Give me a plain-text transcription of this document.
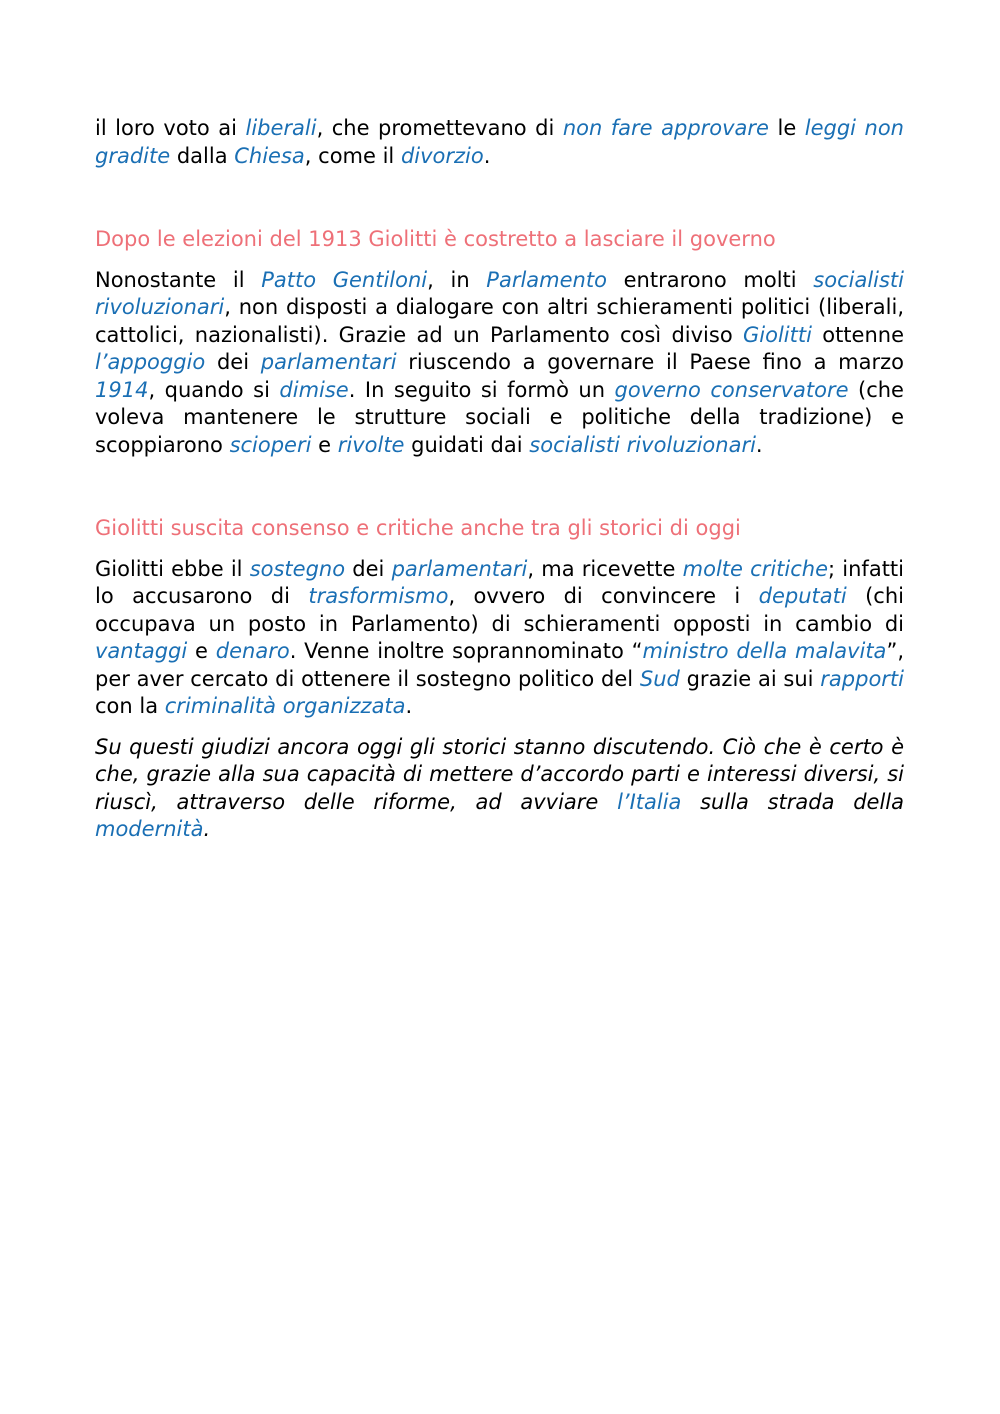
il loro voto ai liberali, che promettevano di non fare approvare le leggi non gradite dalla Chiesa, come il divorzio.

Dopo le elezioni del 1913 Giolitti è costretto a lasciare il governo

Nonostante il Patto Gentiloni, in Parlamento entrarono molti socialisti rivoluzionari, non disposti a dialogare con altri schieramenti politici (liberali, cattolici, nazionalisti). Grazie ad un Parlamento così diviso Giolitti ottenne l’appoggio dei parlamentari riuscendo a governare il Paese fino a marzo 1914, quando si dimise. In seguito si formò un governo conservatore (che voleva mantenere le strutture sociali e politiche della tradizione) e scoppiarono scioperi e rivolte guidati dai socialisti rivoluzionari.

Giolitti suscita consenso e critiche anche tra gli storici di oggi

Giolitti ebbe il sostegno dei parlamentari, ma ricevette molte critiche; infatti lo accusarono di trasformismo, ovvero di convincere i deputati (chi occupava un posto in Parlamento) di schieramenti opposti in cambio di vantaggi e denaro. Venne inoltre soprannominato “ministro della malavita”, per aver cercato di ottenere il sostegno politico del Sud grazie ai sui rapporti con la criminalità organizzata.

Su questi giudizi ancora oggi gli storici stanno discutendo. Ciò che è certo è che, grazie alla sua capacità di mettere d’accordo parti e interessi diversi, si riuscì, attraverso delle riforme, ad avviare l’Italia sulla strada della modernità.
